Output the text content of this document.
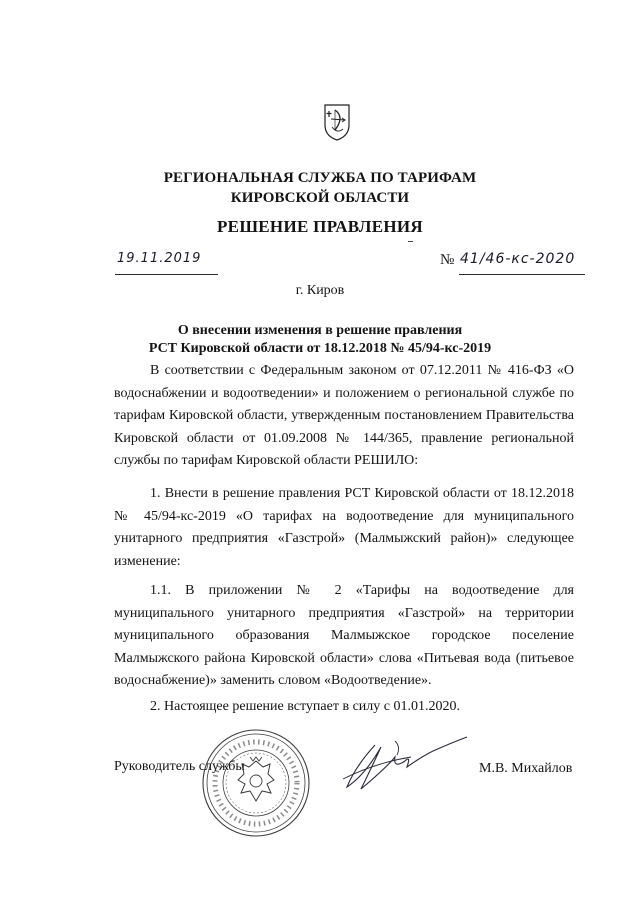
РЕГИОНАЛЬНАЯ СЛУЖБА ПО ТАРИФАМ
КИРОВСКОЙ ОБЛАСТИ
РЕШЕНИЕ ПРАВЛЕНИЯ
19.11.2019	№ 41/46-кс-2020
г. Киров
О внесении изменения в решение правления
РСТ Кировской области от 18.12.2018 № 45/94-кс-2019

В соответствии с Федеральным законом от 07.12.2011 № 416-ФЗ «О водоснабжении и водоотведении» и положением о региональной службе по тарифам Кировской области, утвержденным постановлением Правительства Кировской области от 01.09.2008 № 144/365, правление региональной службы по тарифам Кировской области РЕШИЛО:

1. Внести в решение правления РСТ Кировской области от 18.12.2018 № 45/94-кс-2019 «О тарифах на водоотведение для муниципального унитарного предприятия «Газстрой» (Малмыжский район)» следующее изменение:

1.1. В приложении № 2 «Тарифы на водоотведение для муниципального унитарного предприятия «Газстрой» на территории муниципального образования Малмыжское городское поселение Малмыжского района Кировской области» слова «Питьевая вода (питьевое водоснабжение)» заменить словом «Водоотведение».

2. Настоящее решение вступает в силу с 01.01.2020.

Руководитель службы	М.В. Михайлов
